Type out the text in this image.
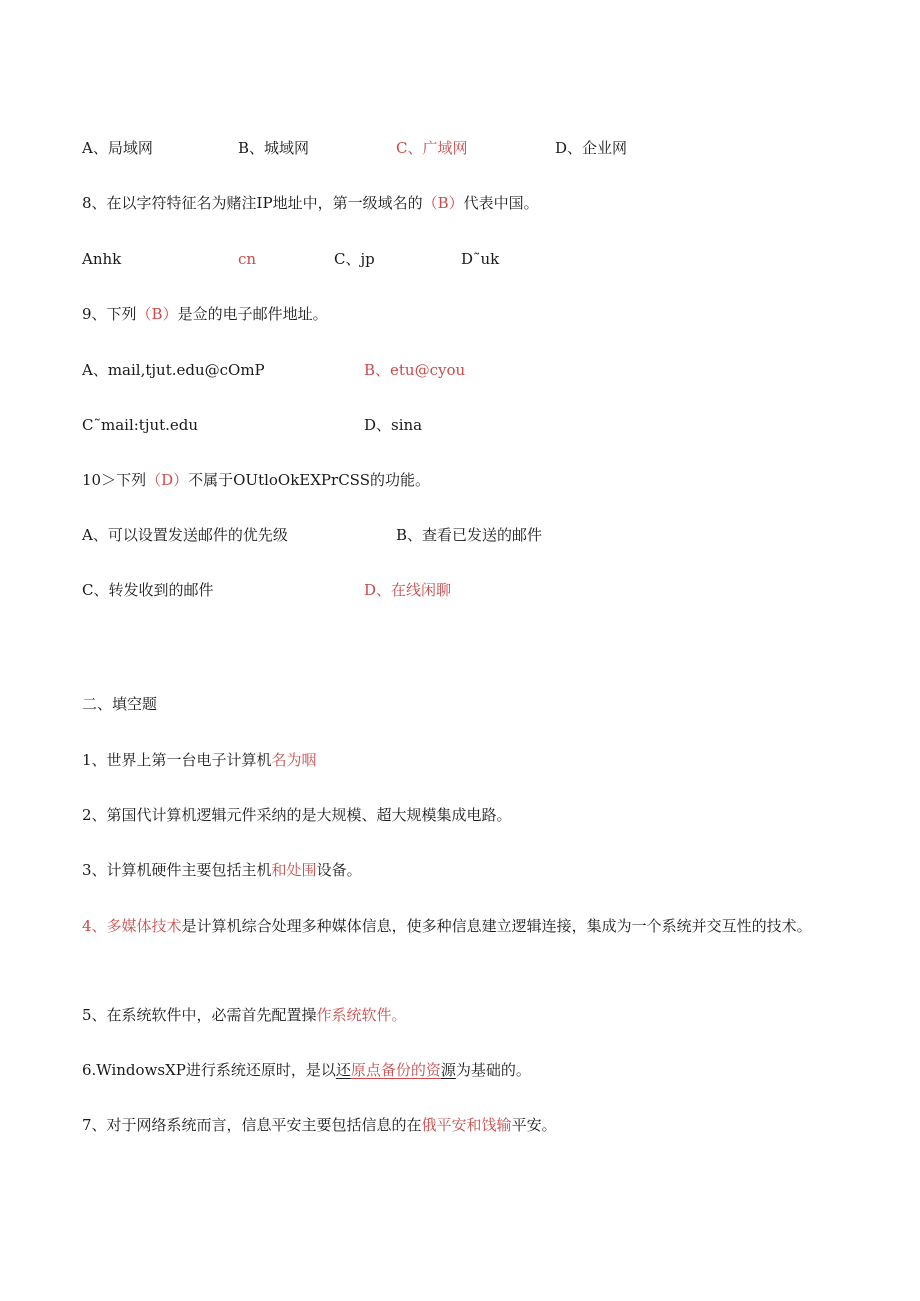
A、局域网	B、城域网	C、广域网	D、企业网
8、在以字符特征名为赌注IP地址中，第一级域名的（B）代表中国。
Anhk	cn	C、jp	D˜uk
9、下列（B）是佥的电子邮件地址。
A、mail,tjut.edu@cOmP	B、etu@cyou
C˜mail:tjut.edu	D、sina
10＞下列（D）不属于OUtloOkEXPrCSS的功能。
A、可以设置发送邮件的优先级	B、查看已发送的邮件
C、转发收到的邮件	D、在线闲聊
二、填空题
1、世界上第一台电子计算机名为咽
2、第国代计算机逻辑元件采纳的是大规模、超大规模集成电路。
3、计算机硬件主要包括主机和处围设备。
4、多媒体技术是计算机综合处理多种媒体信息，使多种信息建立逻辑连接，集成为一个系统并交互性的技术。
5、在系统软件中，必需首先配置操作系统软件。
6.WindowsXP进行系统还原时，是以还原点备份的资源为基础的。
7、对于网络系统而言，信息平安主要包括信息的在俄平安和饯输平安。
